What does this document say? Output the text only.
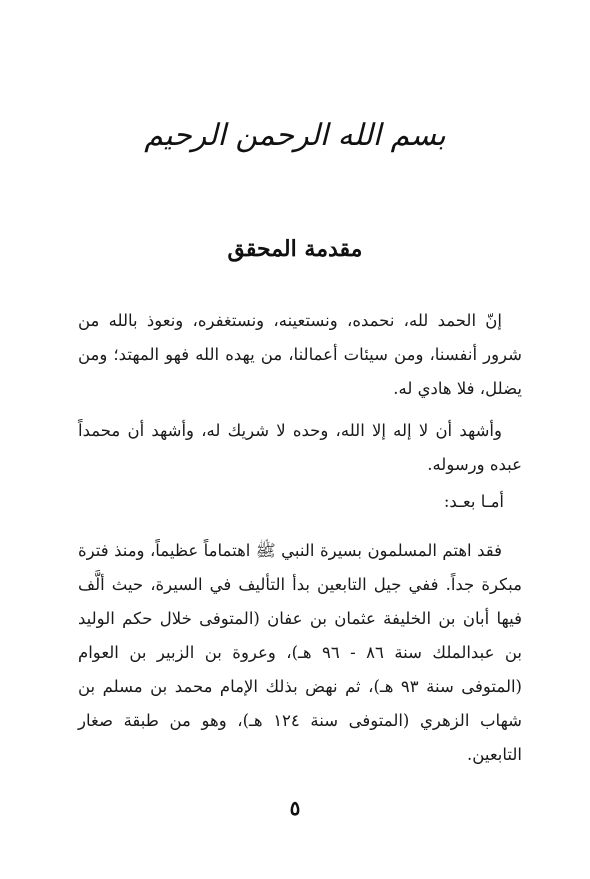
بسم الله الرحمن الرحيم
مقدمة المحقق
إنّ الحمد لله، نحمده، ونستعينه، ونستغفره، ونعوذ بالله من شرور أنفسنا، ومن سيئات أعمالنا، من يهده الله فهو المهتد؛ ومن يضلل، فلا هادي له.
وأشهد أن لا إله إلا الله، وحده لا شريك له، وأشهد أن محمداً عبده ورسوله.
أمـا بعـد:
فقد اهتم المسلمون بسيرة النبي ﷺ اهتماماً عظيماً، ومنذ فترة مبكرة جداً. ففي جيل التابعين بدأ التأليف في السيرة، حيث ألَّف فيها أبان بن الخليفة عثمان بن عفان (المتوفى خلال حكم الوليد بن عبدالملك سنة ٨٦ - ٩٦ هـ)، وعروة بن الزبير بن العوام (المتوفى سنة ٩٣ هـ)، ثم نهض بذلك الإمام محمد بن مسلم بن شهاب الزهري (المتوفى سنة ١٢٤ هـ)، وهو من طبقة صغار التابعين.
٥
